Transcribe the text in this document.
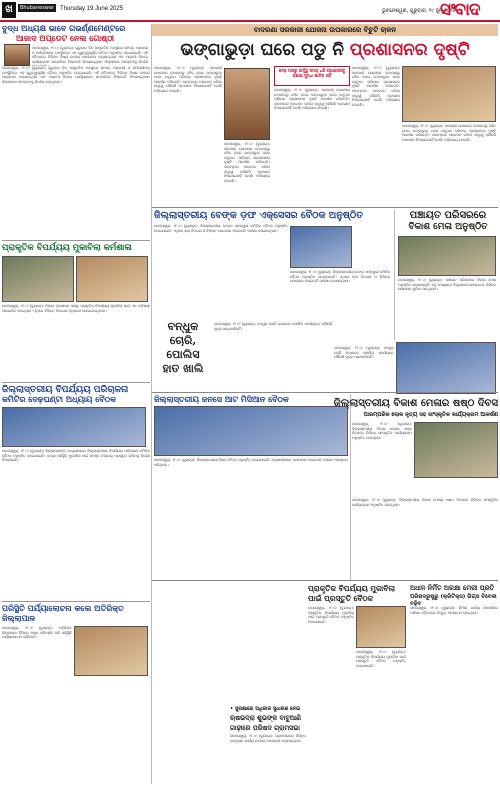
ଖ	Bhubaneswar Thursday 19 June 2025	ଭୁବନେଶ୍ୱର, ଗୁରୁବାର, ୧୯ ଜୁନ ୨୦୨୫
ସଂବାଦ
ବୁଦ୍ଧ ଅଧ୍ୟକ୍ଷ ଭାବେ ଗଭର୍ଣ୍ଣମେଣ୍ଟରେ
ଆଜାଦ ଅପ୍ଡେଟ ନେଲ ଗୋଷ୍ଠୀ
ବାଲେଶ୍ୱର, ୧୮।୬ (ବ୍ୟୁରୋ): ଗୁରୁବାର ଦିନ ସାମ୍ପ୍ରତିକ ଅବସ୍ଥାରେ ସମସ୍ତ ଅଧିକାରୀ ଓ କର୍ମଚାରୀଙ୍କ ଉପସ୍ଥିତିରେ ଏକ ଗୁରୁତ୍ୱପୂର୍ଣ୍ଣ ବୈଠକ ଅନୁଷ୍ଠିତ ହୋଇଯାଇଛି। ଏହି ବୈଠକରେ ବିଭିନ୍ନ ବିଷୟ ଉପରେ ଆଲୋଚନା କରାଯାଇଥିଲା ଏବଂ ଆଗାମୀ ଦିନରେ କାର୍ଯ୍ୟକ୍ରମ ସମ୍ପର୍କରେ ନିଷ୍ପତ୍ତି ନିଆଯାଇଥିଲା। ଜିଲ୍ଲାପାଳ ସମସ୍ତଙ୍କୁ ନିର୍ଦ୍ଦେଶ
ବାଲେଶ୍ୱର, ୧୮।୬ (ବ୍ୟୁରୋ): ଗୁରୁବାର ଦିନ ସାମ୍ପ୍ରତିକ ଅବସ୍ଥାରେ ସମସ୍ତ ଅଧିକାରୀ ଓ କର୍ମଚାରୀଙ୍କ ଉପସ୍ଥିତିରେ ଏକ ଗୁରୁତ୍ୱପୂର୍ଣ୍ଣ ବୈଠକ ଅନୁଷ୍ଠିତ ହୋଇଯାଇଛି। ଏହି ବୈଠକରେ ବିଭିନ୍ନ ବିଷୟ ଉପରେ ଆଲୋଚନା କରାଯାଇଥିଲା ଏବଂ ଆଗାମୀ ଦିନରେ କାର୍ଯ୍ୟକ୍ରମ ସମ୍ପର୍କରେ ନିଷ୍ପତ୍ତି ନିଆଯାଇଥିଲା। ଜିଲ୍ଲାପାଳ ସମସ୍ତଙ୍କୁ ନିର୍ଦ୍ଦେଶ ଦେଇଥିଲେ।
ପ୍ରାକୃତିକ ବିପର୍ଯ୍ୟୟ ମୁକାବିଲା କର୍ମଶାଳା
ବାଲେଶ୍ୱର, ୧୮।୬ (ବ୍ୟୁରୋ): ଜିଲ୍ଲା ପ୍ରଶାସନ ପକ୍ଷରୁ ପ୍ରାକୃତିକ ବିପର୍ଯ୍ୟୟ ମୁକାବିଲା ପାଇଁ ଏକ କର୍ମଶାଳା ଆୟୋଜିତ ହୋଇଥିଲା। ଏଥିରେ ବିଭିନ୍ନ ବିଭାଗର ଅଧିକାରୀ ଯୋଗଦେଇଥିଲେ।
ଜିଲ୍ଲାସ୍ତରୀୟ ବିପର୍ଯ୍ୟୟ ପରିଚାଳନା
କମିଟିର ଦେଢ଼ଘଣ୍ଟା ଅଧ୍ୟାୟ ବୈଠକ
ବାଲେଶ୍ୱର, ୧୮।୬ (ବ୍ୟୁରୋ): ଜିଲ୍ଲାପାଳଙ୍କ ଅଧ୍ୟକ୍ଷତାରେ ଜିଲ୍ଲାସ୍ତରୀୟ ବିପର୍ଯ୍ୟୟ ପରିଚାଳନା କମିଟିର ବୈଠକ ଅନୁଷ୍ଠିତ ହୋଇଯାଇଛି। ବନ୍ୟା ପରିସ୍ଥିତି ମୁକାବିଲା ପାଇଁ ସମସ୍ତ ବିଭାଗକୁ ପ୍ରସ୍ତୁତ ରହିବାକୁ ନିର୍ଦ୍ଦେଶ ଦିଆଯାଇଛି।
ପରିସ୍ଥିତି ପର୍ଯ୍ୟାଲୋଚନା କଲେ ଅତିରିକ୍ତ ଜିଲ୍ଲାପାଳ
ବାଲେଶ୍ୱର, ୧୮।୬ (ବ୍ୟୁରୋ): ଅତିରିକ୍ତ ଜିଲ୍ଲାପାଳ ବିଭିନ୍ନ ଅଞ୍ଚଳ ପରିଦର୍ଶନ କରି ପରିସ୍ଥିତି ପର୍ଯ୍ୟାଲୋଚନା କରିଛନ୍ତି।
ବାଦରଣା ସରକାରୀ ଯୋଜନା ଉପକାରରେ ବିଚୁଟି ଚାଳନ
ଭଙ୍ଗାଭୁଡ଼ା ଘରେ ପଡୁ ନି ପ୍ରଶାସନର ଦୃଷ୍ଟି
ବାଲେଶ୍ୱର, ୧୮।୬ (ବ୍ୟୁରୋ): ସରକାରୀ ଯୋଜନାର ଉପକାରରୁ ବଞ୍ଚିତ ହୋଇ ଭଙ୍ଗାଭୁଡ଼ା ଘରେ ରହୁଥିବା ପରିବାର ପ୍ରଶାସନର ଦୃଷ୍ଟି ଆକର୍ଷଣ କରିଛନ୍ତି। ବାରମ୍ବାର ଆବେଦନ କରିବା ସତ୍ତ୍ୱେ କୌଣସି ପଦକ୍ଷେପ ନିଆଯାଇନାହିଁ ବୋଲି ଅଭିଯୋଗ ହୋଇଛି।
ବାଲେଶ୍ୱର, ୧୮।୬ (ବ୍ୟୁରୋ): ସରକାରୀ ଯୋଜନାର ଉପକାରରୁ ବଞ୍ଚିତ ହୋଇ ଭଙ୍ଗାଭୁଡ଼ା ଘରେ ରହୁଥିବା ପରିବାର ପ୍ରଶାସନର ଦୃଷ୍ଟି ଆକର୍ଷଣ କରିଛନ୍ତି। ବାରମ୍ବାର ଆବେଦନ କରିବା ସତ୍ତ୍ୱେ କୌଣସି ପଦକ୍ଷେପ ନିଆଯାଇନାହିଁ ବୋଲି ଅଭିଯୋଗ ହୋଇଛି।
ଦେଢ଼ ମାସରୁ ଊର୍ଦ୍ଧ୍ୱ ସମୟ ଧରି ପ୍ରଶାସନକୁ ଜଣାଇ ସୁଦ୍ଧା ଖାତିର ନାହିଁ
ବାଲେଶ୍ୱର, ୧୮।୬ (ବ୍ୟୁରୋ): ସରକାରୀ ଯୋଜନାର ଉପକାରରୁ ବଞ୍ଚିତ ହୋଇ ଭଙ୍ଗାଭୁଡ଼ା ଘରେ ରହୁଥିବା ପରିବାର ପ୍ରଶାସନର ଦୃଷ୍ଟି ଆକର୍ଷଣ କରିଛନ୍ତି। ବାରମ୍ବାର ଆବେଦନ କରିବା ସତ୍ତ୍ୱେ କୌଣସି ପଦକ୍ଷେପ ନିଆଯାଇନାହିଁ ବୋଲି ଅଭିଯୋଗ ହୋଇଛି।
ବାଲେଶ୍ୱର, ୧୮।୬ (ବ୍ୟୁରୋ): ସରକାରୀ ଯୋଜନାର ଉପକାରରୁ ବଞ୍ଚିତ ହୋଇ ଭଙ୍ଗାଭୁଡ଼ା ଘରେ ରହୁଥିବା ପରିବାର ପ୍ରଶାସନର ଦୃଷ୍ଟି ଆକର୍ଷଣ କରିଛନ୍ତି। ବାରମ୍ବାର ଆବେଦନ କରିବା ସତ୍ତ୍ୱେ କୌଣସି ପଦକ୍ଷେପ ନିଆଯାଇନାହିଁ ବୋଲି ଅଭିଯୋଗ ହୋଇଛି।
ବାଲେଶ୍ୱର, ୧୮।୬ (ବ୍ୟୁରୋ): ସରକାରୀ ଯୋଜନାର ଉପକାରରୁ ବଞ୍ଚିତ ହୋଇ ଭଙ୍ଗାଭୁଡ଼ା ଘରେ ରହୁଥିବା ପରିବାର ପ୍ରଶାସନର ଦୃଷ୍ଟି ଆକର୍ଷଣ କରିଛନ୍ତି। ବାରମ୍ବାର ଆବେଦନ କରିବା ସତ୍ତ୍ୱେ କୌଣସି ପଦକ୍ଷେପ ନିଆଯାଇନାହିଁ ବୋଲି ଅଭିଯୋଗ ହୋଇଛି।
ଜିଲ୍ଲାସ୍ତରୀୟ ବେଙ୍କ ଡ଼ଫ ଏକ୍ସେସର ବୈଠକ ଅନୁଷ୍ଠିତ
ବାଲେଶ୍ୱର, ୧୮।୬ (ବ୍ୟୁରୋ): ଜିଲ୍ଲାସ୍ତରୀୟ ବେଙ୍କ ସମନ୍ୱୟ କମିଟିର ବୈଠକ ଅନୁଷ୍ଠିତ ହୋଇଯାଇଛି। ଏଥିରେ ଋଣ ବିତରଣ ଓ ବିଭିନ୍ନ ଯୋଜନାର ଅଗ୍ରଗତି ସମୀକ୍ଷା କରାଯାଇଥିଲା।
ବାଲେଶ୍ୱର, ୧୮।୬ (ବ୍ୟୁରୋ): ଜିଲ୍ଲାସ୍ତରୀୟ ବେଙ୍କ ସମନ୍ୱୟ କମିଟିର ବୈଠକ ଅନୁଷ୍ଠିତ ହୋଇଯାଇଛି। ଏଥିରେ ଋଣ ବିତରଣ ଓ ବିଭିନ୍ନ ଯୋଜନାର ଅଗ୍ରଗତି ସମୀକ୍ଷା କରାଯାଇଥିଲା।
ପଞ୍ଚାୟତ ପରିସରରେ
ବିକାଶ ମେଳା ଅନୁଷ୍ଠିତ
ବାଲେଶ୍ୱର, ୧୮।୬ (ବ୍ୟୁରୋ): ପଞ୍ଚାୟତ ପରିସରରେ ବିକାଶ ମେଳା ଅନୁଷ୍ଠିତ ହୋଇଯାଇଛି। ବହୁ ସଂଖ୍ୟାରେ ହିତାଧିକାରୀ ଯୋଗଦେଇ ବିଭିନ୍ନ ଯୋଜନାର ସୁବିଧା ପାଇଥିଲେ।
ବନ୍ଧୁକ
ଚୋରି,
ପୋଲିସ
ହାତ ଖାଲି
ବାଲେଶ୍ୱର, ୧୮।୬ (ବ୍ୟୁରୋ): ବନ୍ଧୁକ ଚୋରି ଘଟଣାରେ ପୋଲିସ ଏପର୍ଯ୍ୟନ୍ତ କୌଣସି ସୂତ୍ର ପାଇପାରିନାହିଁ।
ବାଲେଶ୍ୱର, ୧୮।୬ (ବ୍ୟୁରୋ): ବନ୍ଧୁକ ଚୋରି ଘଟଣାରେ ପୋଲିସ ଏପର୍ଯ୍ୟନ୍ତ କୌଣସି ସୂତ୍ର ପାଇପାରିନାହିଁ।
ଜିଲ୍ଲାସ୍ତରୀୟ ଜନସେ ଆଟ ମିସିଆନ ବୈଠକ
ବାଲେଶ୍ୱର, ୧୮।୬ (ବ୍ୟୁରୋ): ଜିଲ୍ଲାସ୍ତରୀୟ ମିଶନ ବୈଠକ ଅନୁଷ୍ଠିତ ହୋଇଯାଇଛି। ଅଧିକାରୀମାନେ ଯୋଜନାର ଅଗ୍ରଗତି ଉପରେ ଆଲୋଚନା କରିଥିଲେ।
ଜିଲ୍ଲାସ୍ତରୀୟ ବିକାଶ ମେଳାର ଷଷ୍ଠ ଦିବସ
ପାରମ୍ପରିକ ଲୋକ ନୃତ୍ୟ ସହ ସାଂସ୍କୃତିକ କାର୍ଯ୍ୟକ୍ରମ ଆକର୍ଷଣ
ବାଲେଶ୍ୱର, ୧୮।୬ (ବ୍ୟୁରୋ): ଜିଲ୍ଲାସ୍ତରୀୟ ବିକାଶ ମେଳାର ଷଷ୍ଠ ଦିବସରେ ବିଭିନ୍ନ ସାଂସ୍କୃତିକ କାର୍ଯ୍ୟକ୍ରମ ଅନୁଷ୍ଠିତ ହୋଇଥିଲା।
ବାଲେଶ୍ୱର, ୧୮।୬ (ବ୍ୟୁରୋ): ଜିଲ୍ଲାସ୍ତରୀୟ ବିକାଶ ମେଳାର ଷଷ୍ଠ ଦିବସରେ ବିଭିନ୍ନ ସାଂସ୍କୃତିକ କାର୍ଯ୍ୟକ୍ରମ ଅନୁଷ୍ଠିତ ହୋଇଥିଲା।
ପ୍ରାକୃତିକ ବିପର୍ଯ୍ୟୟ ମୁକାବିଲା
ପାଇଁ ପ୍ରସ୍ତୁତି ବୈଠକ
ବାଲେଶ୍ୱର, ୧୮।୬ (ବ୍ୟୁରୋ): ପ୍ରାକୃତିକ ବିପର୍ଯ୍ୟୟ ମୁକାବିଲା ପାଇଁ ପ୍ରସ୍ତୁତି ବୈଠକ ଅନୁଷ୍ଠିତ ହୋଇଯାଇଛି।
ବାଲେଶ୍ୱର, ୧୮।୬ (ବ୍ୟୁରୋ): ପ୍ରାକୃତିକ ବିପର୍ଯ୍ୟୟ ମୁକାବିଲା ପାଇଁ ପ୍ରସ୍ତୁତି ବୈଠକ ଅନୁଷ୍ଠିତ ହୋଇଯାଇଛି।
ଅଧୀନ ନିର୍ମିତ ଅରକ୍ଷା ମେରୀ ପ୍ରତି
ପରିଷଦରୁଷ୍ଟ୍ରୁ (କ୍ରିଟିକ୍ସ) ଗିଗ୍ସ ବିବେଳୀ ବଢ଼ିବ
ବାଲେଶ୍ୱର, ୧୮।୬ (ବ୍ୟୁରୋ): ନିର୍ମାଣ କାର୍ଯ୍ୟ ସମ୍ପର୍କରେ ପରିଷଦ ବୈଠକରେ ବିସ୍ତୃତ ଆଲୋଚନା ହୋଇଥିଲା।
• ସୁରକ୍ଷାରେ ଅଧିକାର ସୁଧାରଣ ନେଇ
ଋଷଭଦ୍ରା ଶୁଭଙ୍କ ବାବୁଆଣି
ଗାଢ଼ୀରେ ପରିଷଦ ଗ୍ରାମସଭା
ବାଲେଶ୍ୱର, ୧୮।୬ (ବ୍ୟୁରୋ): ଗ୍ରାମସଭାରେ ବିଭିନ୍ନ ଉନ୍ନୟନ କାର୍ଯ୍ୟ ଉପରେ ଆଲୋଚନା କରାଯାଇଥିଲା।
